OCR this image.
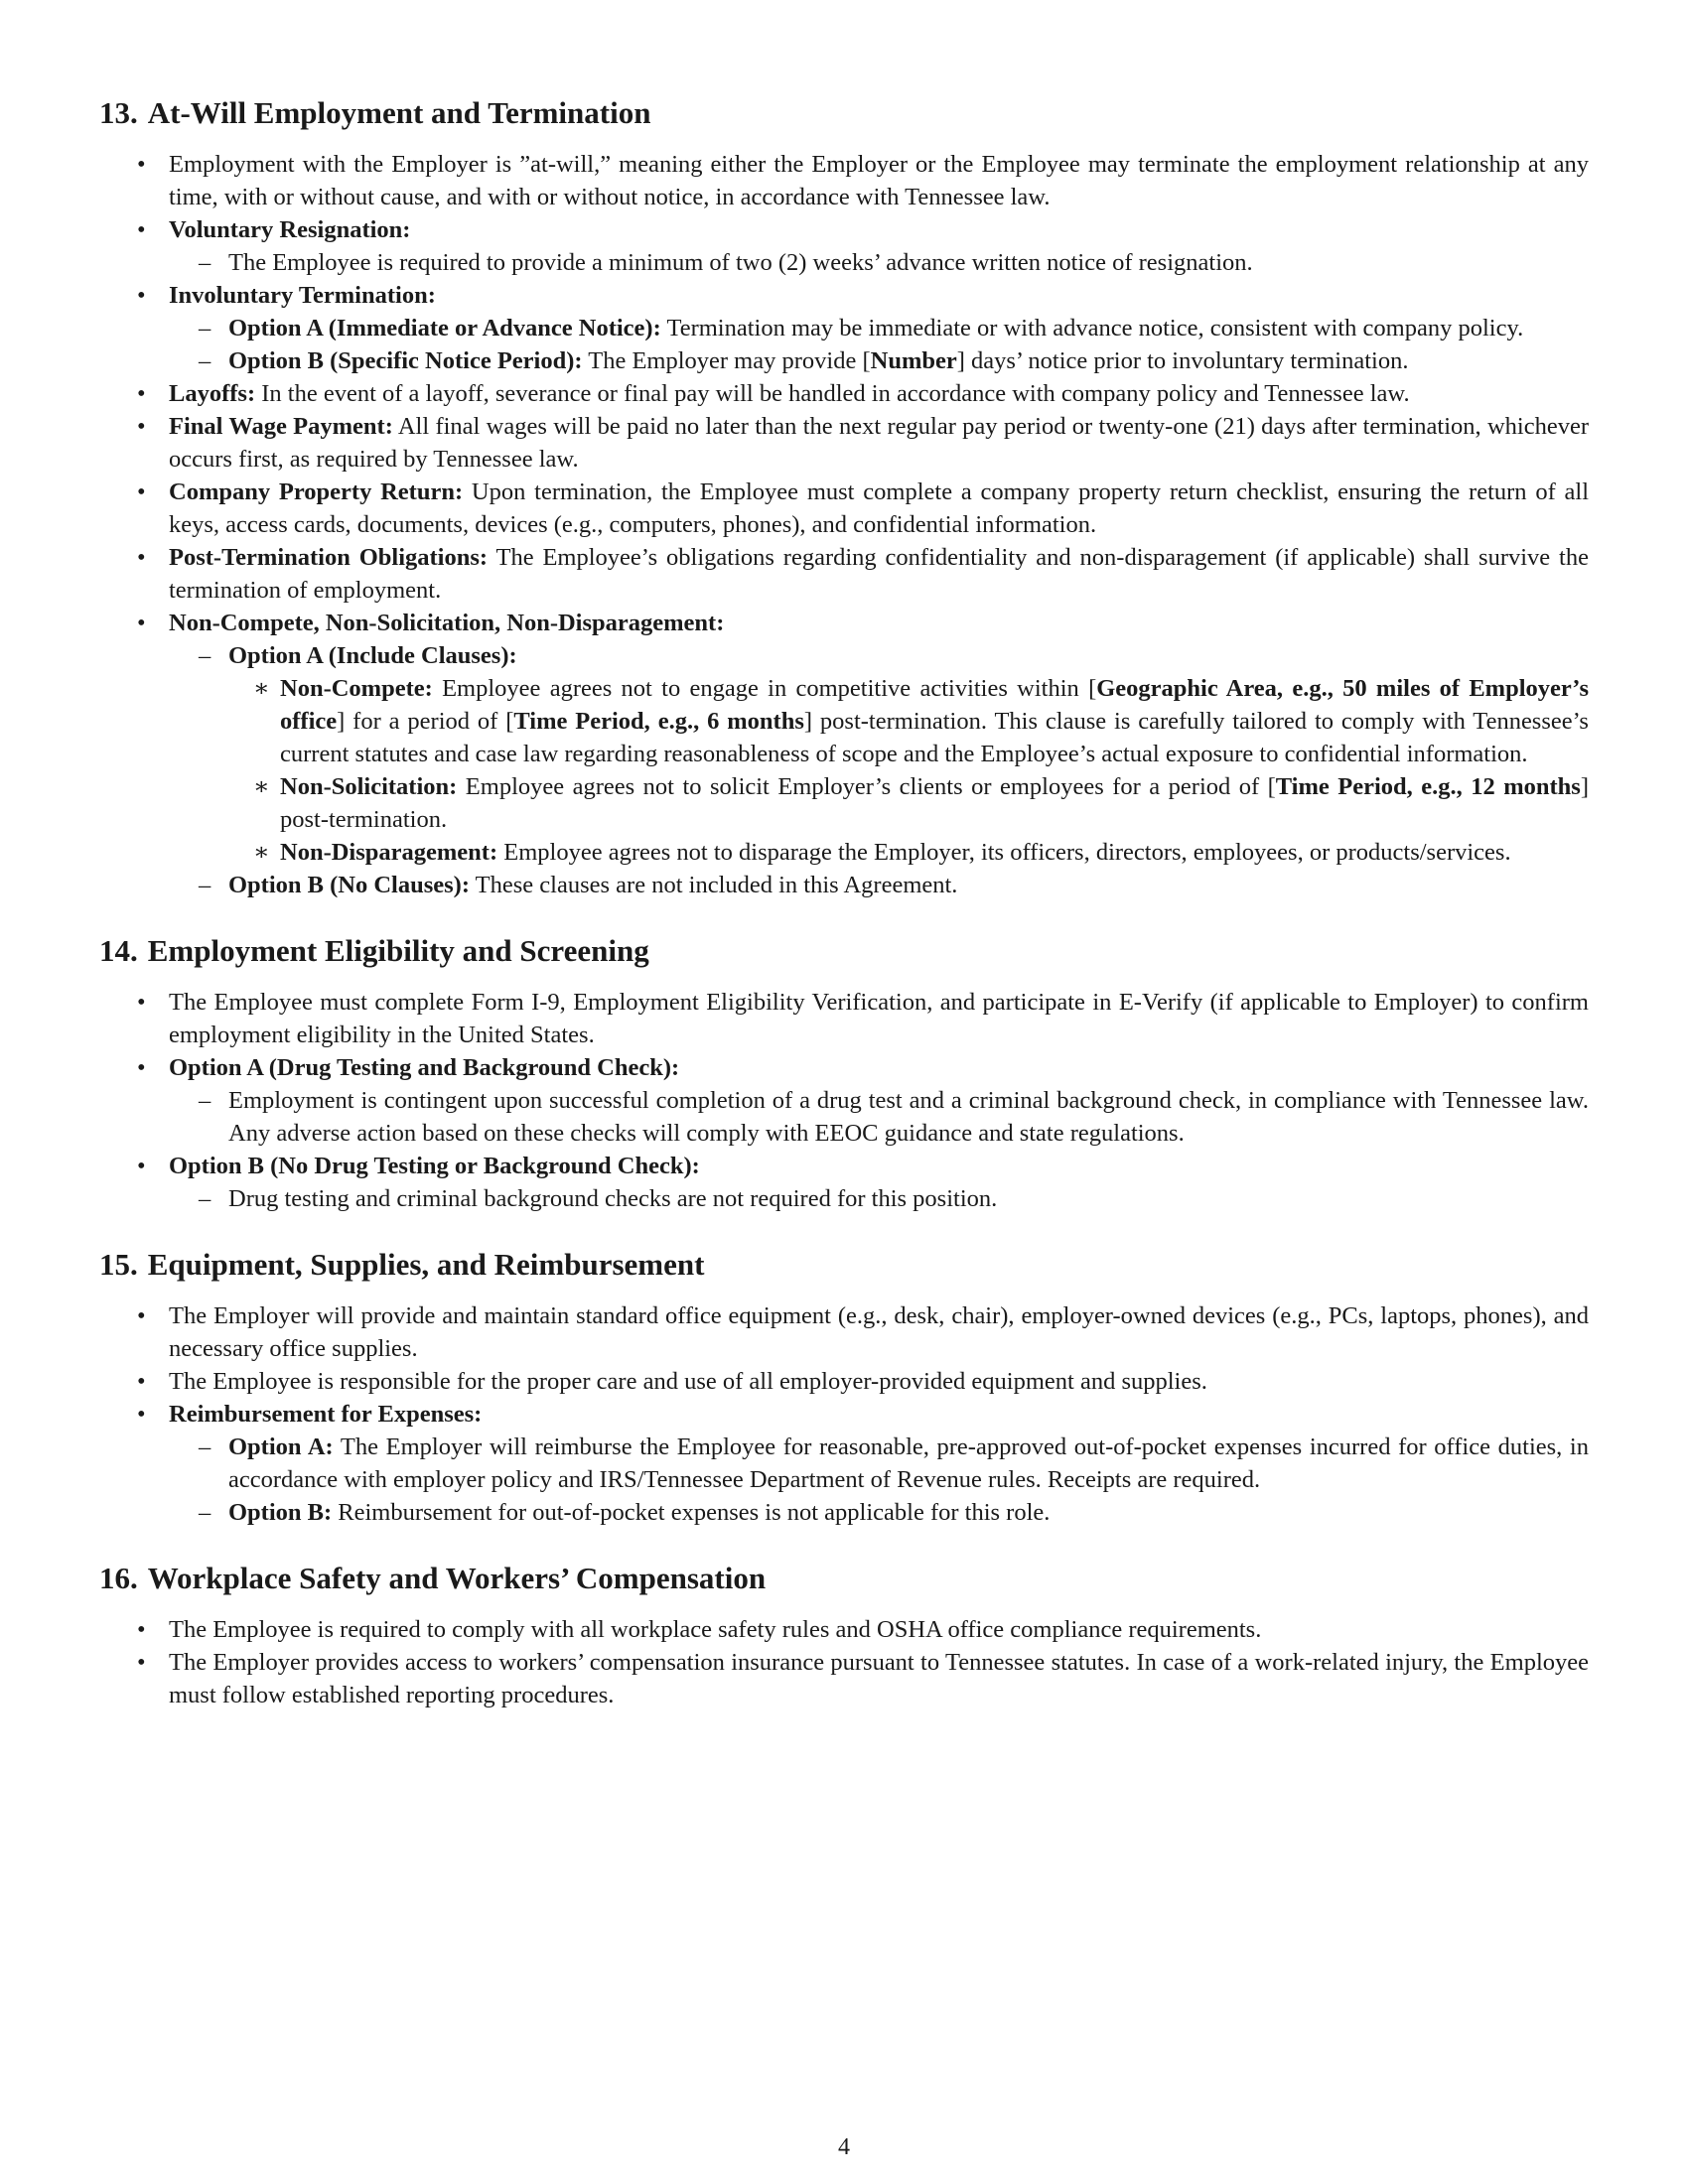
13. At-Will Employment and Termination
• Employment with the Employer is ”at-will,” meaning either the Employer or the Employee may terminate the employment relationship at any time, with or without cause, and with or without notice, in accordance with Tennessee law.
• Voluntary Resignation:
– The Employee is required to provide a minimum of two (2) weeks’ advance written notice of resignation.
• Involuntary Termination:
– Option A (Immediate or Advance Notice): Termination may be immediate or with advance notice, consistent with company policy.
– Option B (Specific Notice Period): The Employer may provide [Number] days’ notice prior to involuntary termination.
• Layoffs: In the event of a layoff, severance or final pay will be handled in accordance with company policy and Tennessee law.
• Final Wage Payment: All final wages will be paid no later than the next regular pay period or twenty-one (21) days after termination, whichever occurs first, as required by Tennessee law.
• Company Property Return: Upon termination, the Employee must complete a company property return checklist, ensuring the return of all keys, access cards, documents, devices (e.g., computers, phones), and confidential information.
• Post-Termination Obligations: The Employee’s obligations regarding confidentiality and non-disparagement (if applicable) shall survive the termination of employment.
• Non-Compete, Non-Solicitation, Non-Disparagement:
– Option A (Include Clauses):
∗ Non-Compete: Employee agrees not to engage in competitive activities within [Geographic Area, e.g., 50 miles of Employer’s office] for a period of [Time Period, e.g., 6 months] post-termination. This clause is carefully tailored to comply with Tennessee’s current statutes and case law regarding reasonableness of scope and the Employee’s actual exposure to confidential information.
∗ Non-Solicitation: Employee agrees not to solicit Employer’s clients or employees for a period of [Time Period, e.g., 12 months] post-termination.
∗ Non-Disparagement: Employee agrees not to disparage the Employer, its officers, directors, employees, or products/services.
– Option B (No Clauses): These clauses are not included in this Agreement.
14. Employment Eligibility and Screening
• The Employee must complete Form I-9, Employment Eligibility Verification, and participate in E-Verify (if applicable to Employer) to confirm employment eligibility in the United States.
• Option A (Drug Testing and Background Check):
– Employment is contingent upon successful completion of a drug test and a criminal background check, in compliance with Tennessee law. Any adverse action based on these checks will comply with EEOC guidance and state regulations.
• Option B (No Drug Testing or Background Check):
– Drug testing and criminal background checks are not required for this position.
15. Equipment, Supplies, and Reimbursement
• The Employer will provide and maintain standard office equipment (e.g., desk, chair), employer-owned devices (e.g., PCs, laptops, phones), and necessary office supplies.
• The Employee is responsible for the proper care and use of all employer-provided equipment and supplies.
• Reimbursement for Expenses:
– Option A: The Employer will reimburse the Employee for reasonable, pre-approved out-of-pocket expenses incurred for office duties, in accordance with employer policy and IRS/Tennessee Department of Revenue rules. Receipts are required.
– Option B: Reimbursement for out-of-pocket expenses is not applicable for this role.
16. Workplace Safety and Workers’ Compensation
• The Employee is required to comply with all workplace safety rules and OSHA office compliance requirements.
• The Employer provides access to workers’ compensation insurance pursuant to Tennessee statutes. In case of a work-related injury, the Employee must follow established reporting procedures.
4
